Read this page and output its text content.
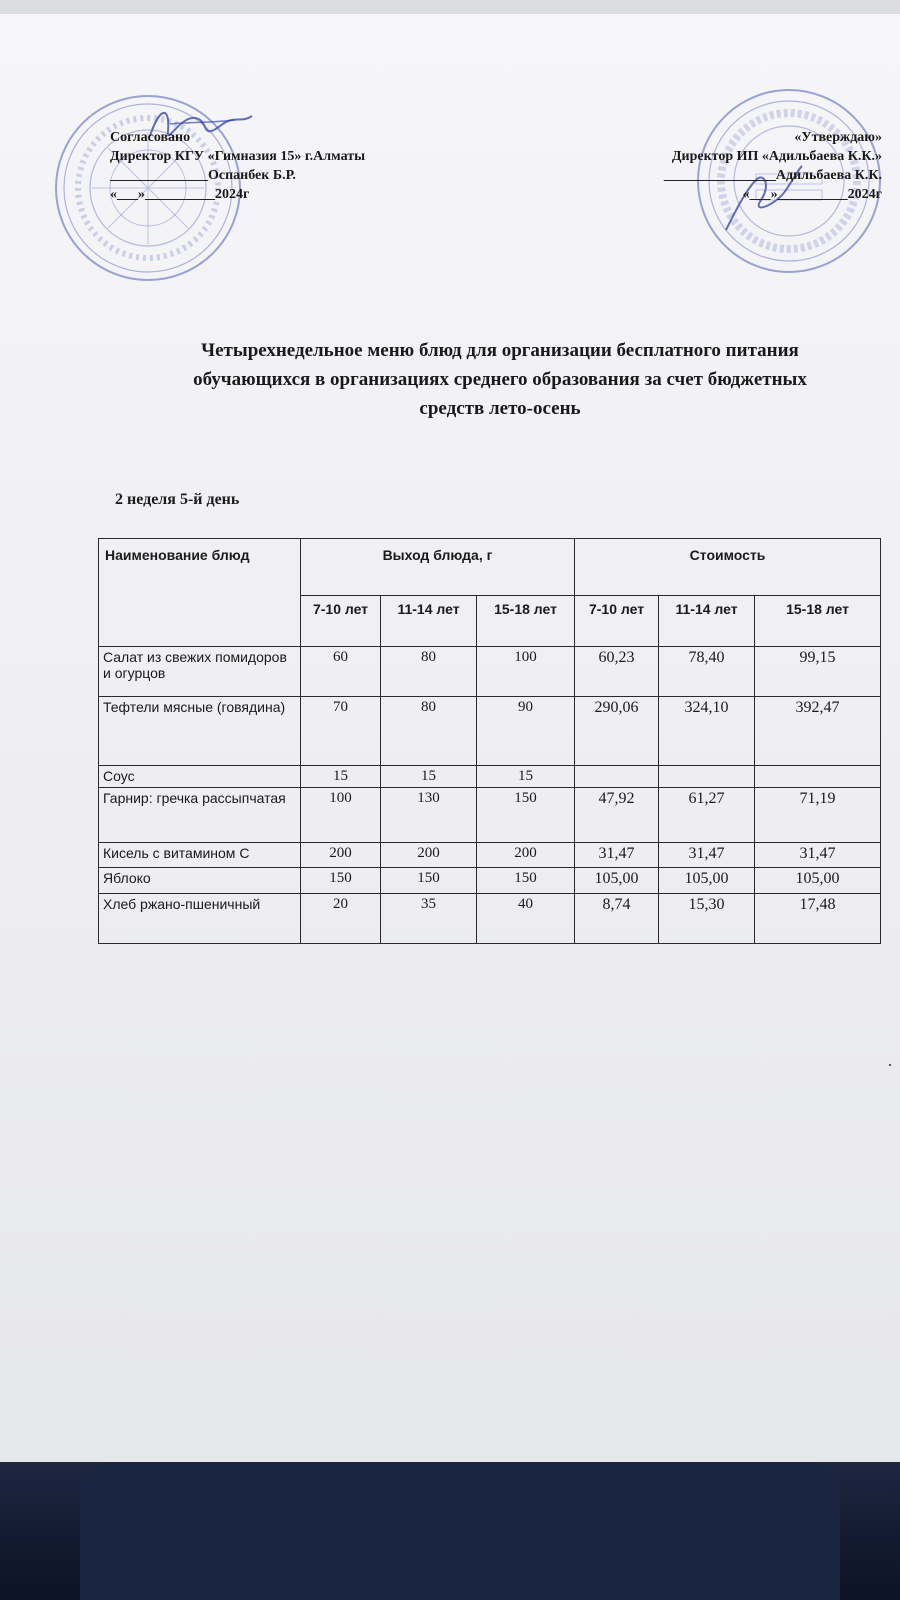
Согласовано
Директор КГУ «Гимназия 15» г.Алматы
______________Оспанбек Б.Р.
«___»__________2024г
«Утверждаю»
Директор ИП «Адильбаева К.К.»
________________Адильбаева К.К.
«___»__________2024г
Четырехнедельное меню блюд для организации бесплатного питания
обучающихся в организациях среднего образования за счет бюджетных
средств лето-осень
2 неделя 5-й день
Наименование блюд	Выход блюда, г			Стоимость		
	7-10 лет	11-14 лет	15-18 лет	7-10 лет	11-14 лет	15-18 лет
Салат из свежих помидоров и огурцов	60	80	100	60,23	78,40	99,15
Тефтели мясные (говядина)	70	80	90	290,06	324,10	392,47
Соус	15	15	15			
Гарнир: гречка рассыпчатая	100	130	150	47,92	61,27	71,19
Кисель с витамином С	200	200	200	31,47	31,47	31,47
Яблоко	150	150	150	105,00	105,00	105,00
Хлеб ржано-пшеничный	20	35	40	8,74	15,30	17,48
